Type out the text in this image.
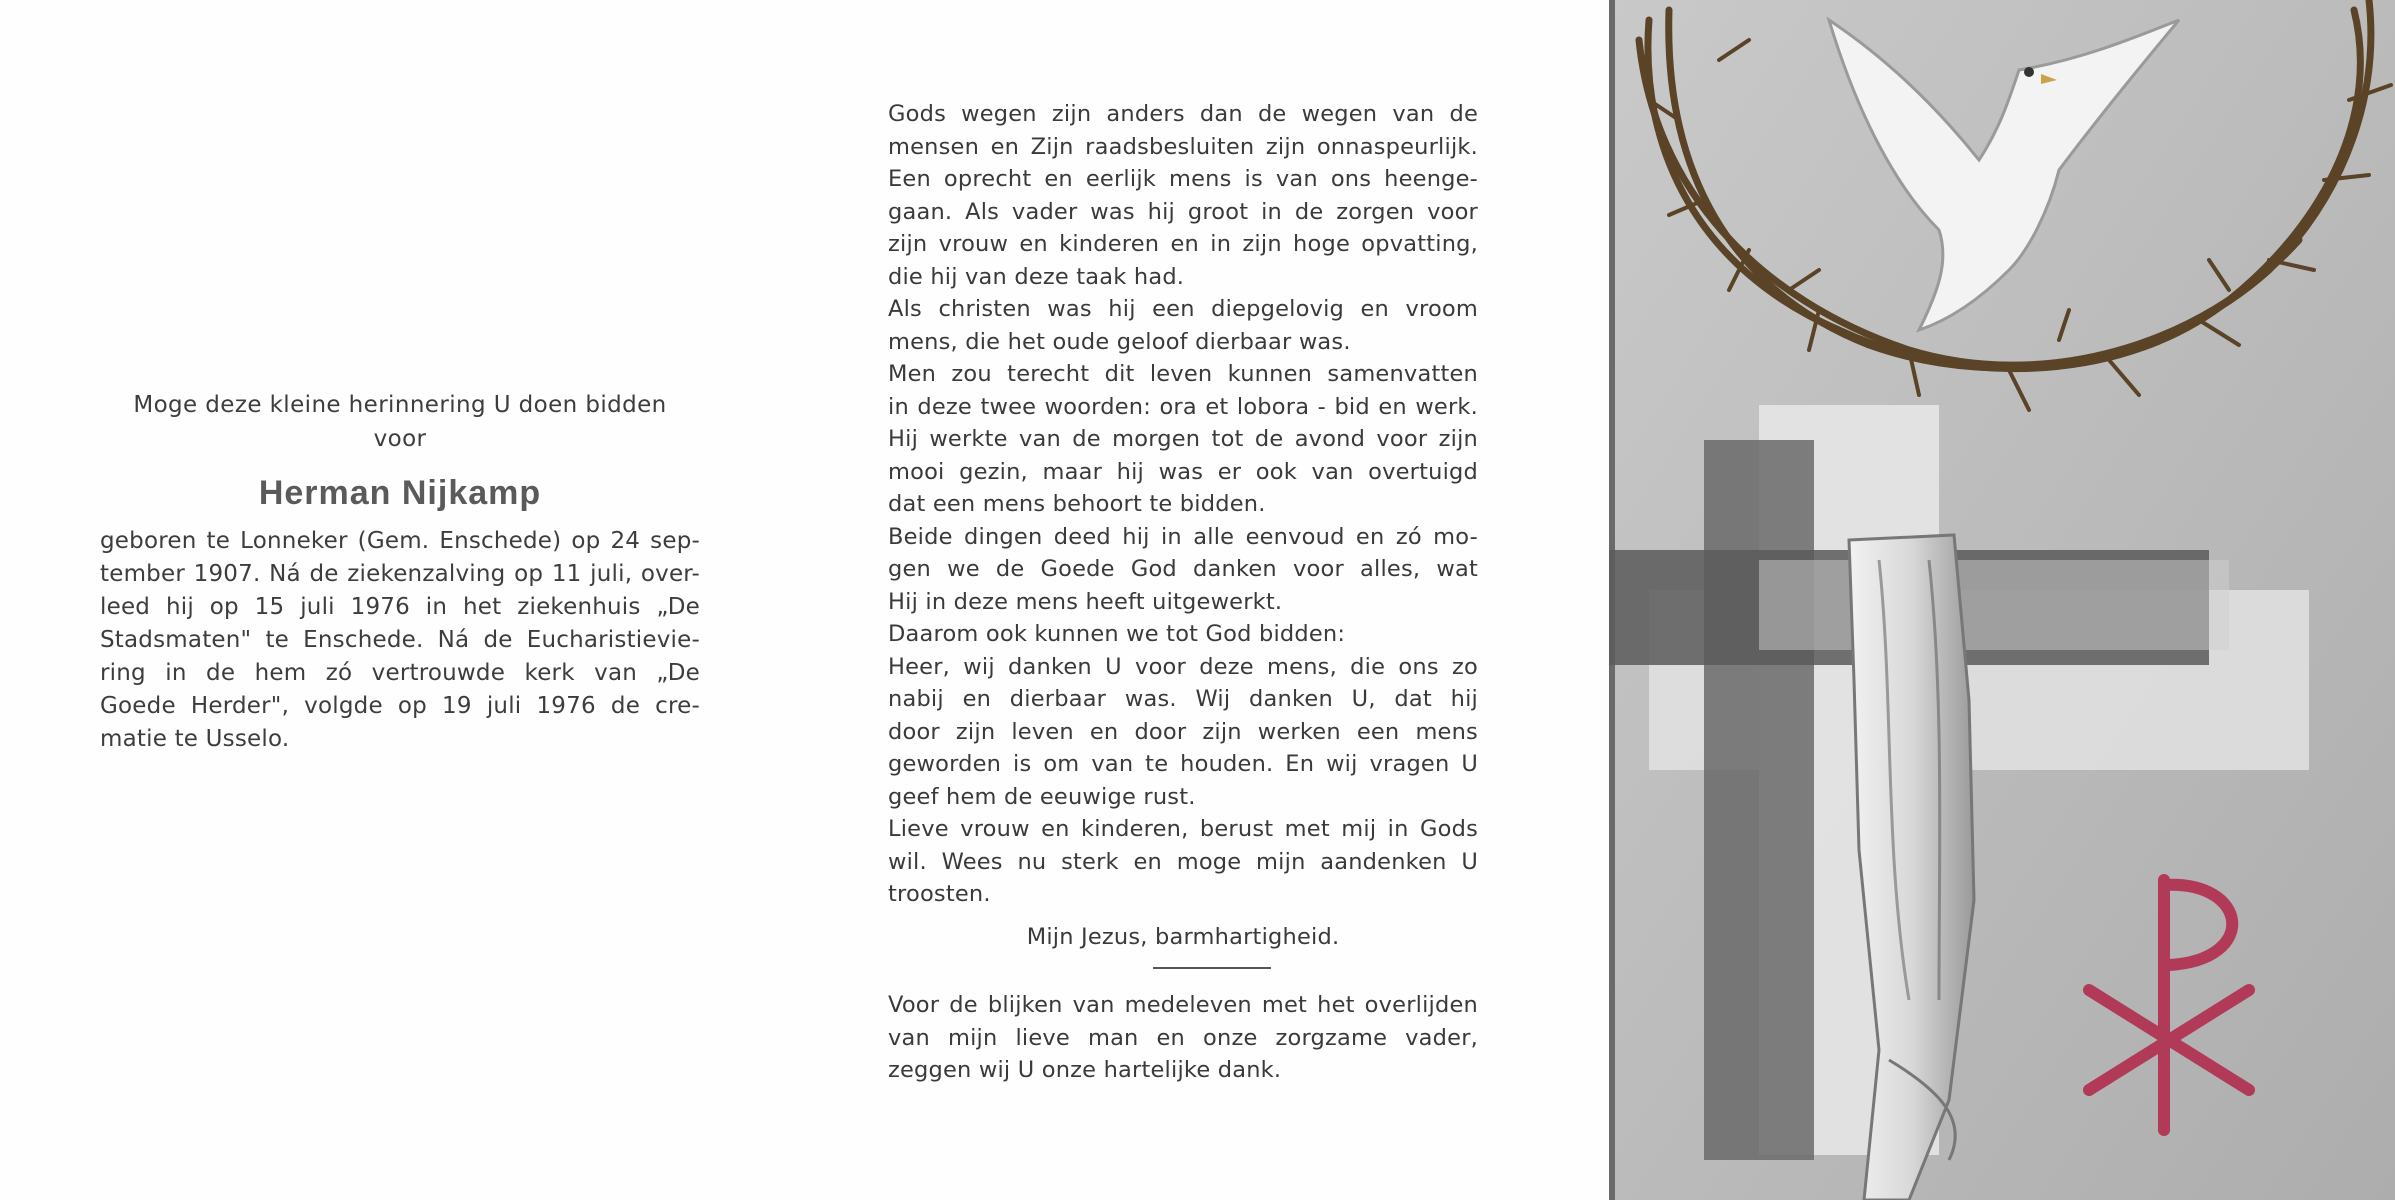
Moge deze kleine herinnering U doen bidden

voor

Herman Nijkamp
geboren te Lonneker (Gem. Enschede) op 24 sep-
tember 1907. Ná de ziekenzalving op 11 juli, over-
leed hij op 15 juli 1976 in het ziekenhuis „De
Stadsmaten" te Enschede. Ná de Eucharistievie-
ring in de hem zó vertrouwde kerk van „De
Goede Herder", volgde op 19 juli 1976 de cre-
matie te Usselo.
Gods wegen zijn anders dan de wegen van de
mensen en Zijn raadsbesluiten zijn onnaspeurlijk.
Een oprecht en eerlijk mens is van ons heenge-
gaan. Als vader was hij groot in de zorgen voor
zijn vrouw en kinderen en in zijn hoge opvatting,
die hij van deze taak had.
Als christen was hij een diepgelovig en vroom
mens, die het oude geloof dierbaar was.
Men zou terecht dit leven kunnen samenvatten
in deze twee woorden: ora et lobora - bid en werk.
Hij werkte van de morgen tot de avond voor zijn
mooi gezin, maar hij was er ook van overtuigd
dat een mens behoort te bidden.
Beide dingen deed hij in alle eenvoud en zó mo-
gen we de Goede God danken voor alles, wat
Hij in deze mens heeft uitgewerkt.
Daarom ook kunnen we tot God bidden:
Heer, wij danken U voor deze mens, die ons zo
nabij en dierbaar was. Wij danken U, dat hij
door zijn leven en door zijn werken een mens
geworden is om van te houden. En wij vragen U
geef hem de eeuwige rust.
Lieve vrouw en kinderen, berust met mij in Gods
wil. Wees nu sterk en moge mijn aandenken U
troosten.
Mijn Jezus, barmhartigheid.
Voor de blijken van medeleven met het overlijden
van mijn lieve man en onze zorgzame vader,
zeggen wij U onze hartelijke dank.
